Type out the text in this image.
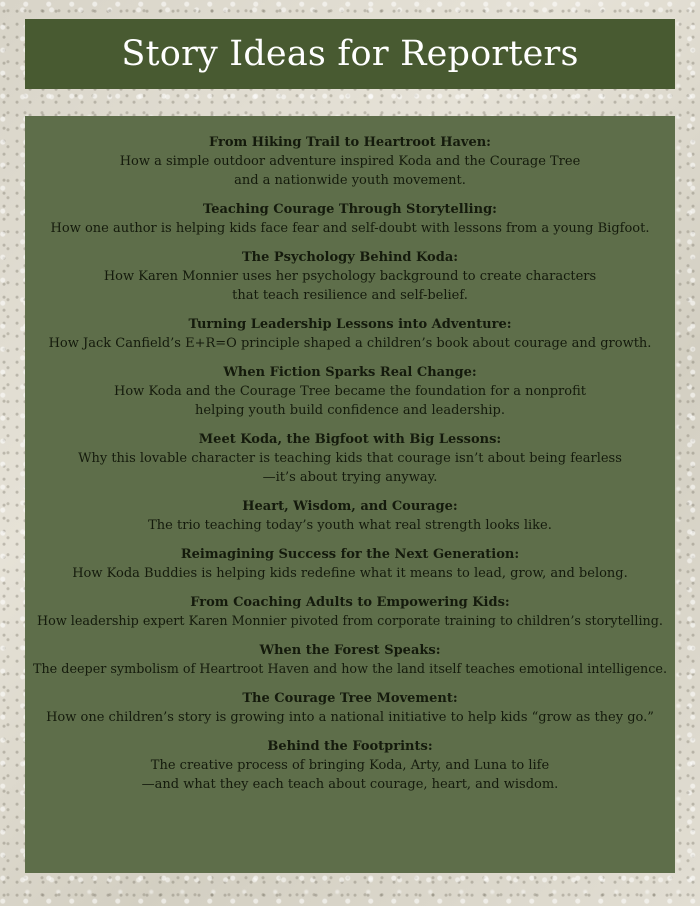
Story Ideas for Reporters

From Hiking Trail to Heartroot Haven:

How a simple outdoor adventure inspired Koda and the Courage Tree

and a nationwide youth movement.

Teaching Courage Through Storytelling:

How one author is helping kids face fear and self-doubt with lessons from a young Bigfoot.

The Psychology Behind Koda:

How Karen Monnier uses her psychology background to create characters

that teach resilience and self-belief.

Turning Leadership Lessons into Adventure:

How Jack Canfield’s E+R=O principle shaped a children’s book about courage and growth.

When Fiction Sparks Real Change:

How Koda and the Courage Tree became the foundation for a nonprofit

helping youth build confidence and leadership.

Meet Koda, the Bigfoot with Big Lessons:

Why this lovable character is teaching kids that courage isn’t about being fearless

—it’s about trying anyway.

Heart, Wisdom, and Courage:

The trio teaching today’s youth what real strength looks like.

Reimagining Success for the Next Generation:

How Koda Buddies is helping kids redefine what it means to lead, grow, and belong.

From Coaching Adults to Empowering Kids:

How leadership expert Karen Monnier pivoted from corporate training to children’s storytelling.

When the Forest Speaks:

The deeper symbolism of Heartroot Haven and how the land itself teaches emotional intelligence.

The Courage Tree Movement:

How one children’s story is growing into a national initiative to help kids “grow as they go.”

Behind the Footprints:

The creative process of bringing Koda, Arty, and Luna to life

—and what they each teach about courage, heart, and wisdom.
